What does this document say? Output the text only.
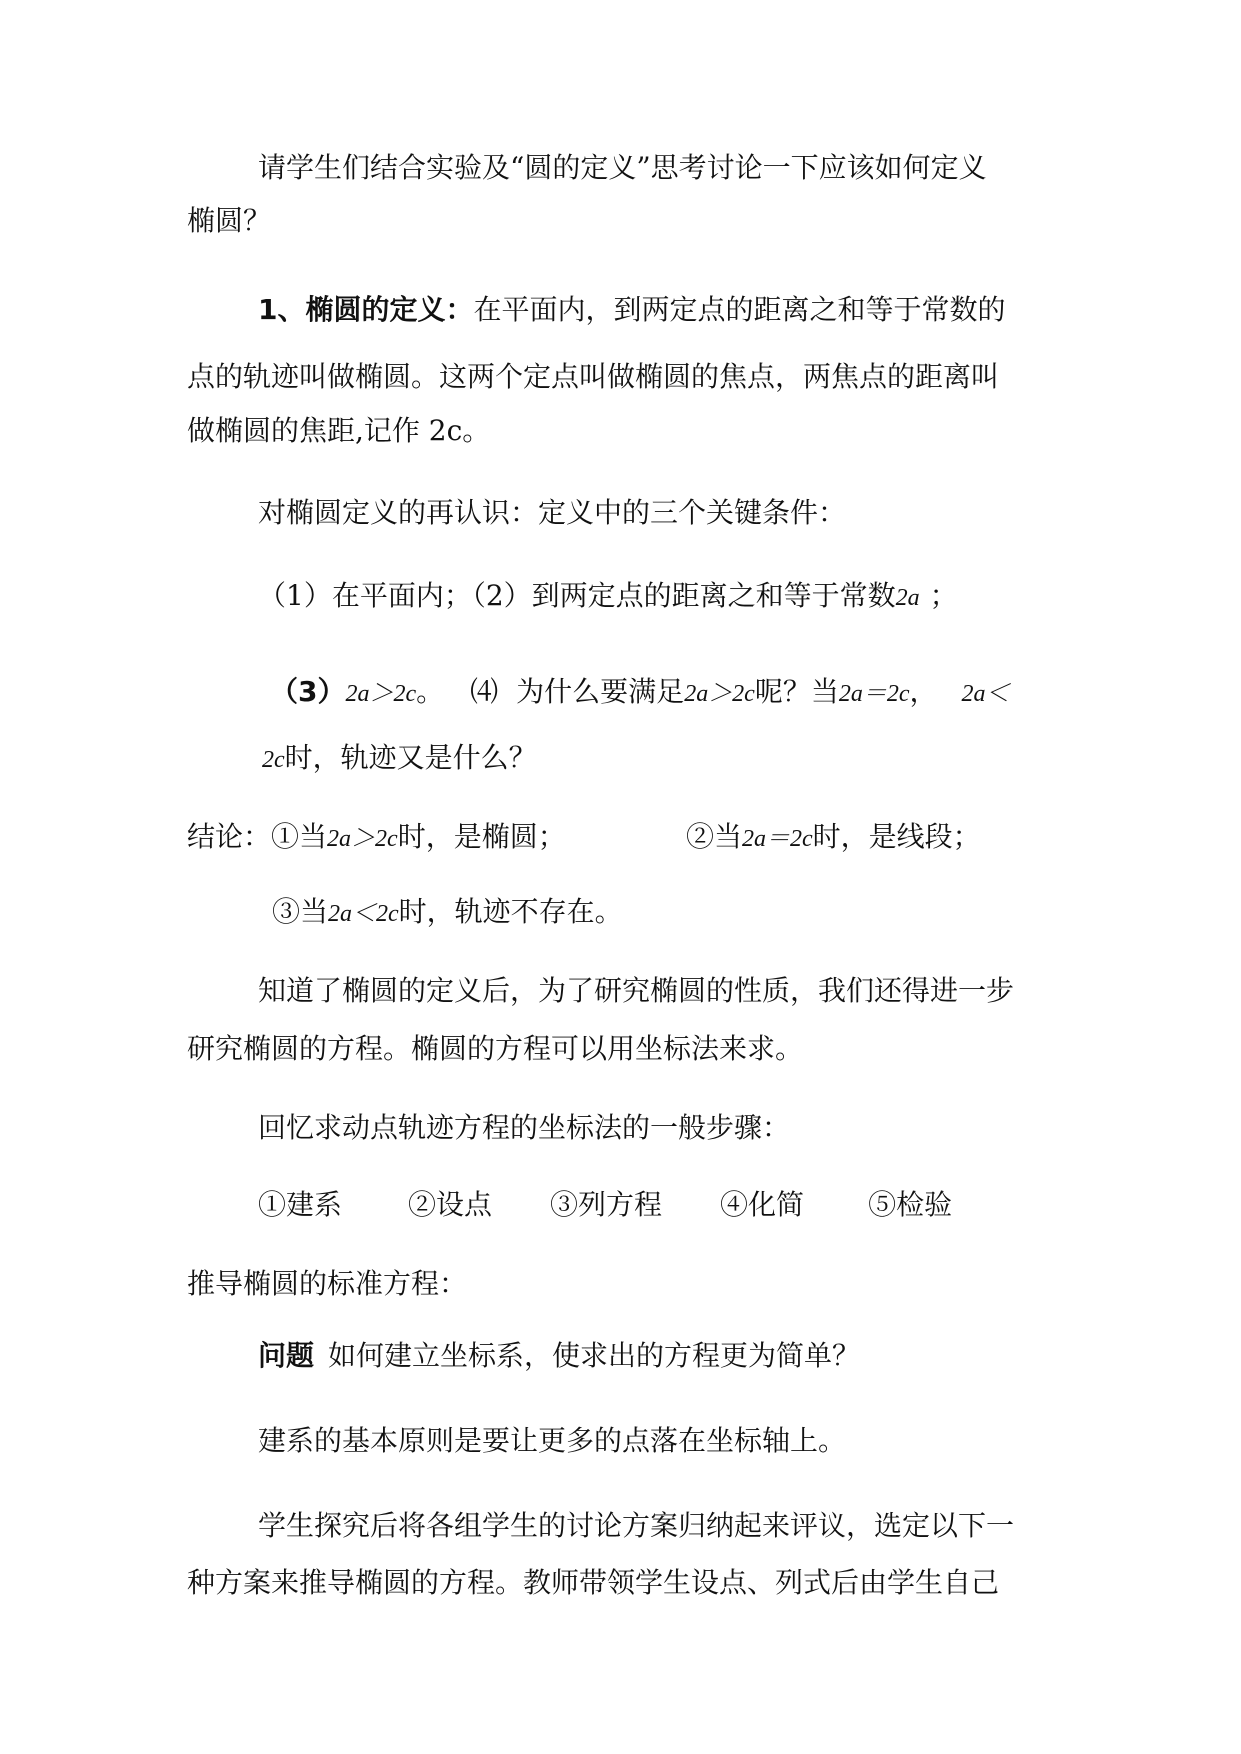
请学生们结合实验及“圆的定义”思考讨论一下应该如何定义
椭圆？
1、椭圆的定义：在平面内，到两定点的距离之和等于常数的
点的轨迹叫做椭圆。这两个定点叫做椭圆的焦点，两焦点的距离叫
做椭圆的焦距,记作 2c。
对椭圆定义的再认识：定义中的三个关键条件：
（1）在平面内；（2）到两定点的距离之和等于常数2a ；
（3）2a＞2c。 ⑷ 为什么要满足2a＞2c呢？当2a＝2c， 2a＜
2c时，轨迹又是什么？
结论：①当2a＞2c时，是椭圆；	②当2a＝2c时，是线段；
③当2a＜2c时，轨迹不存在。
知道了椭圆的定义后，为了研究椭圆的性质，我们还得进一步
研究椭圆的方程。椭圆的方程可以用坐标法来求。
回忆求动点轨迹方程的坐标法的一般步骤：
①建系 ②设点 ③列方程 ④化简 ⑤检验
推导椭圆的标准方程：
问题 如何建立坐标系，使求出的方程更为简单？
建系的基本原则是要让更多的点落在坐标轴上。
学生探究后将各组学生的讨论方案归纳起来评议，选定以下一
种方案来推导椭圆的方程。教师带领学生设点、列式后由学生自己
